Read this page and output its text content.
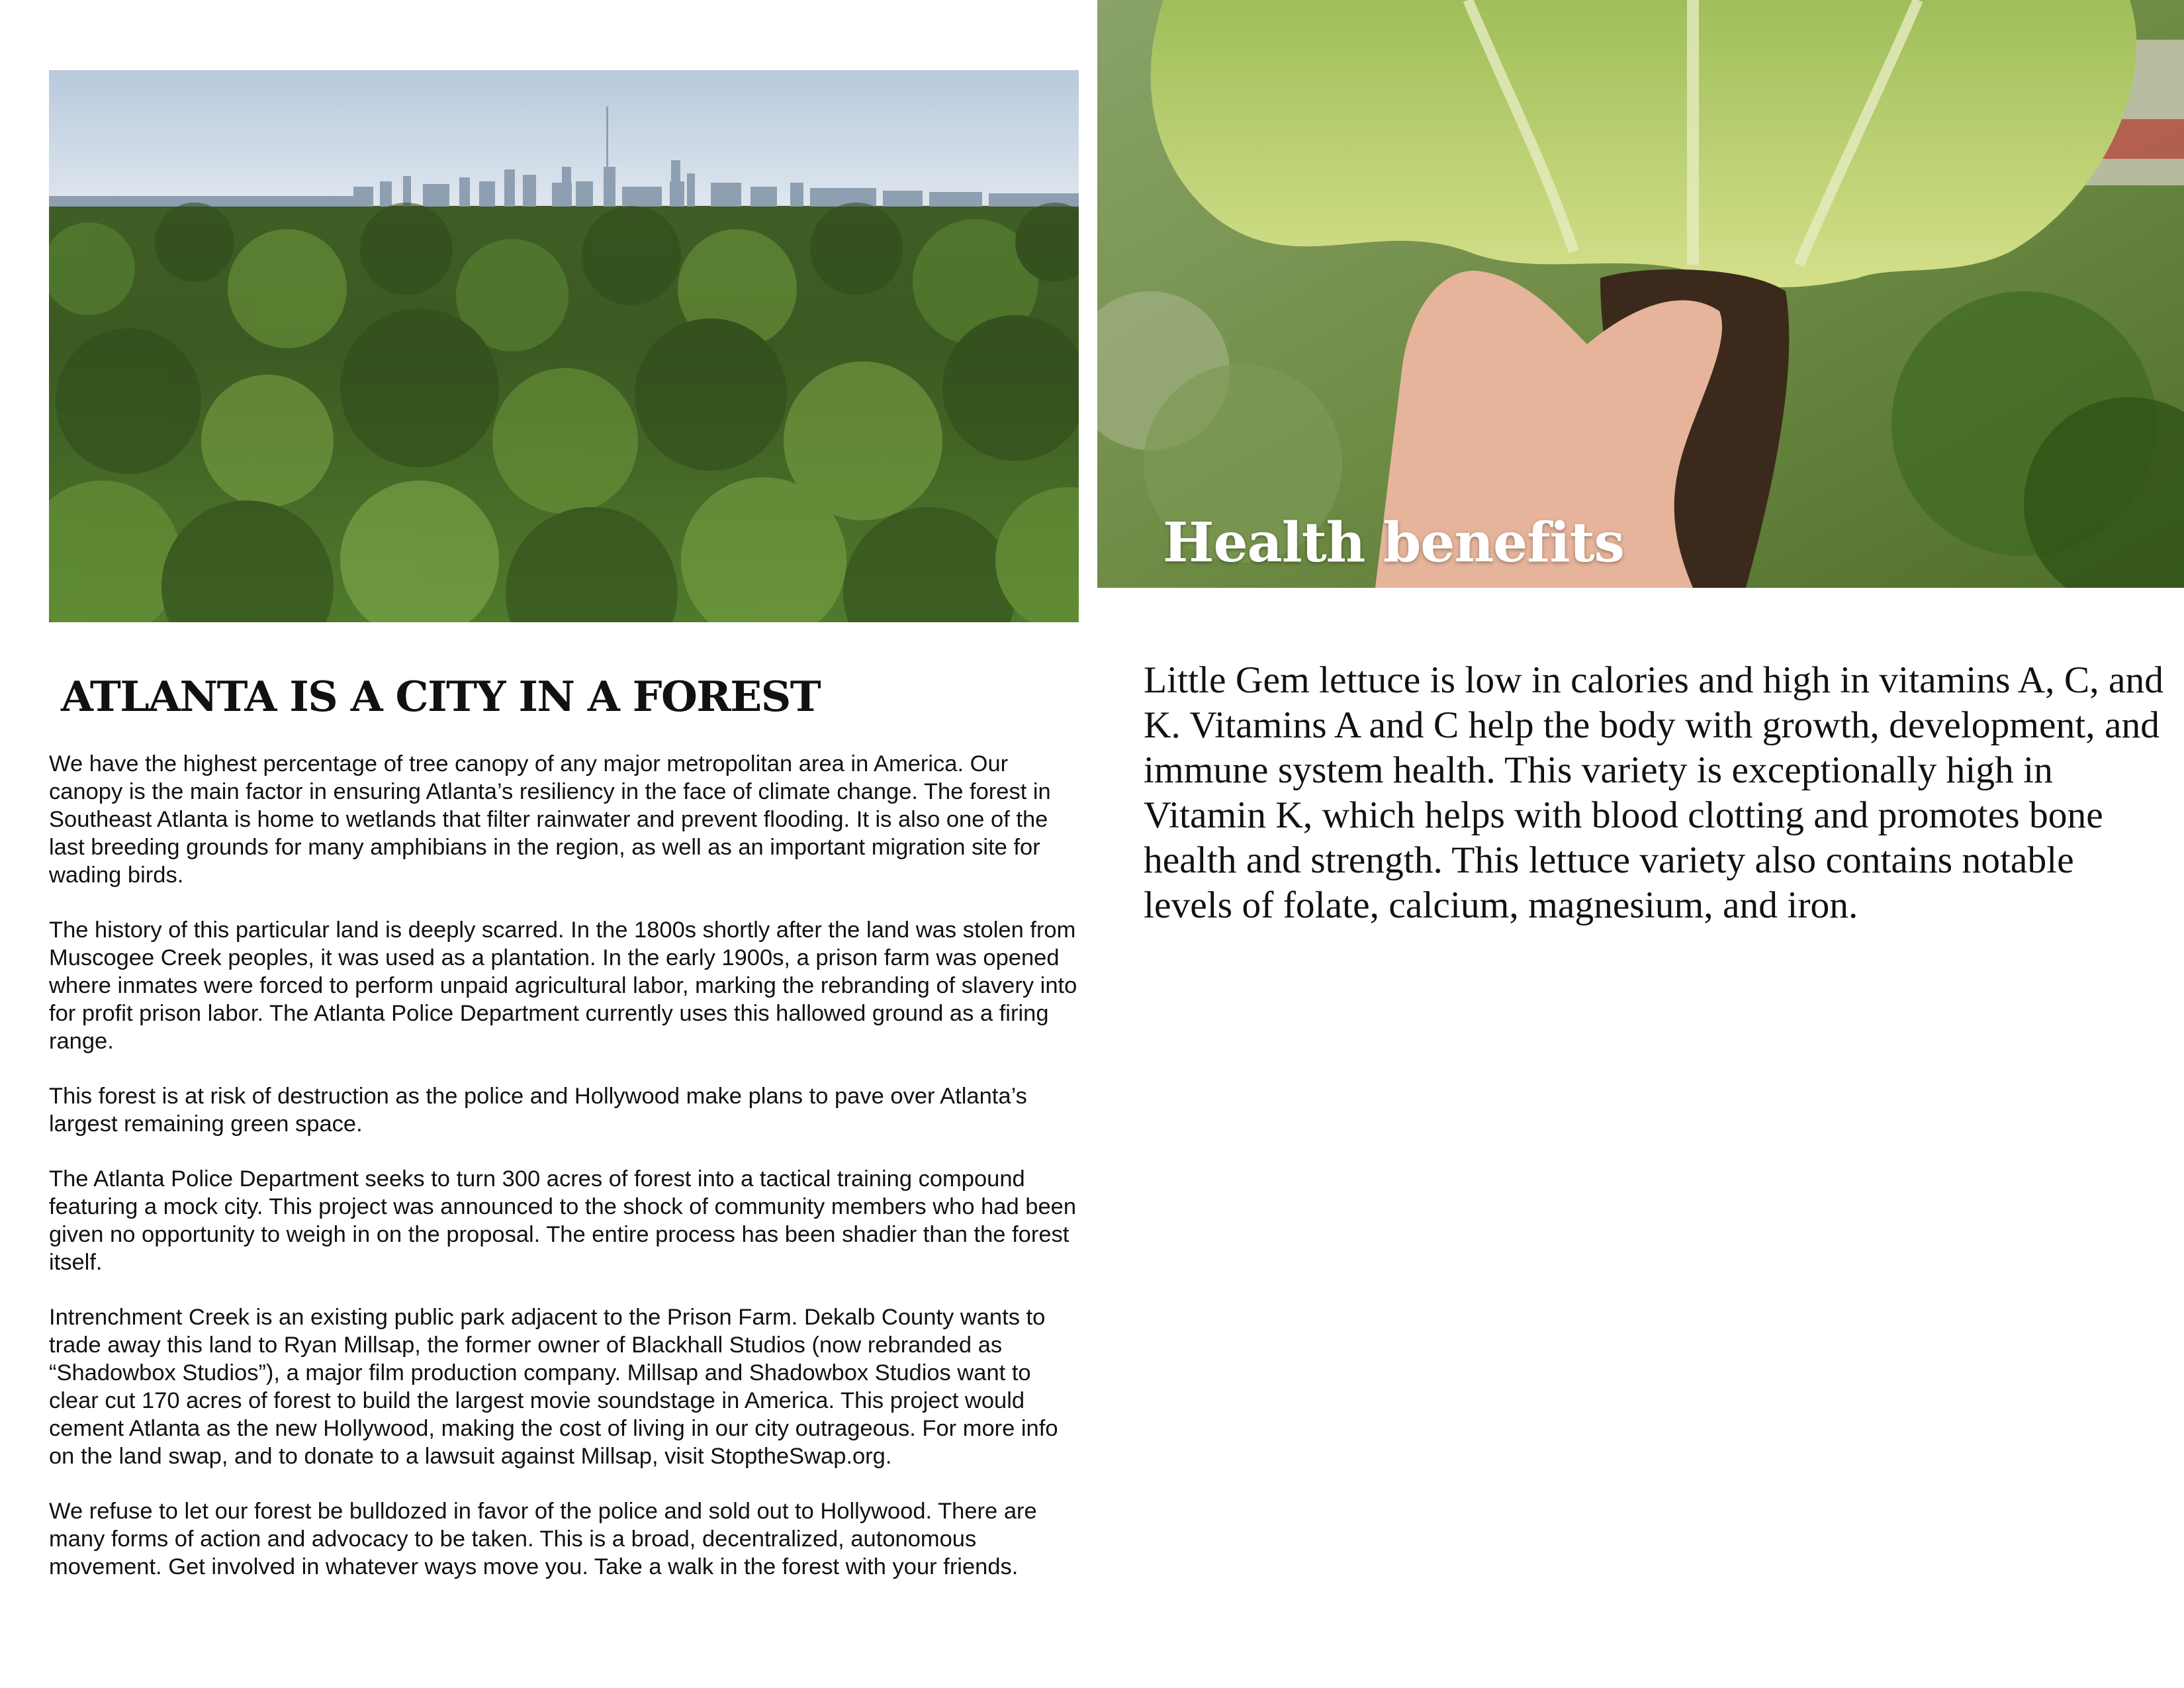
ATLANTA IS A CITY IN A FOREST

We have the highest percentage of tree canopy of any major metropolitan area in America. Our canopy is the main factor in ensuring Atlanta’s resiliency in the face of climate change. The forest in Southeast Atlanta is home to wetlands that filter rainwater and prevent flooding. It is also one of the last breeding grounds for many amphibians in the region, as well as an important migration site for wading birds.

The history of this particular land is deeply scarred. In the 1800s shortly after the land was stolen from Muscogee Creek peoples, it was used as a plantation. In the early 1900s, a prison farm was opened where inmates were forced to perform unpaid agricultural labor, marking the rebranding of slavery into for profit prison labor. The Atlanta Police Department currently uses this hallowed ground as a firing range.

This forest is at risk of destruction as the police and Hollywood make plans to pave over Atlanta’s largest remaining green space.

The Atlanta Police Department seeks to turn 300 acres of forest into a tactical training compound featuring a mock city. This project was announced to the shock of community members who had been given no opportunity to weigh in on the proposal. The entire process has been shadier than the forest itself.

Intrenchment Creek is an existing public park adjacent to the Prison Farm. Dekalb County wants to trade away this land to Ryan Millsap, the former owner of Blackhall Studios (now rebranded as “Shadowbox Studios”), a major film production company. Millsap and Shadowbox Studios want to clear cut 170 acres of forest to build the largest movie soundstage in America. This project would cement Atlanta as the new Hollywood, making the cost of living in our city outrageous. For more info on the land swap, and to donate to a lawsuit against Millsap, visit StoptheSwap.org.

We refuse to let our forest be bulldozed in favor of the police and sold out to Hollywood. There are many forms of action and advocacy to be taken. This is a broad, decentralized, autonomous movement. Get involved in whatever ways move you. Take a walk in the forest with your friends.

Health benefits

Little Gem lettuce is low in calories and high in vitamins A, C, and K. Vitamins A and C help the body with growth, development, and immune system health. This variety is exceptionally high in Vitamin K, which helps with blood clotting and promotes bone health and strength. This lettuce variety also contains notable levels of folate, calcium, magnesium, and iron.
